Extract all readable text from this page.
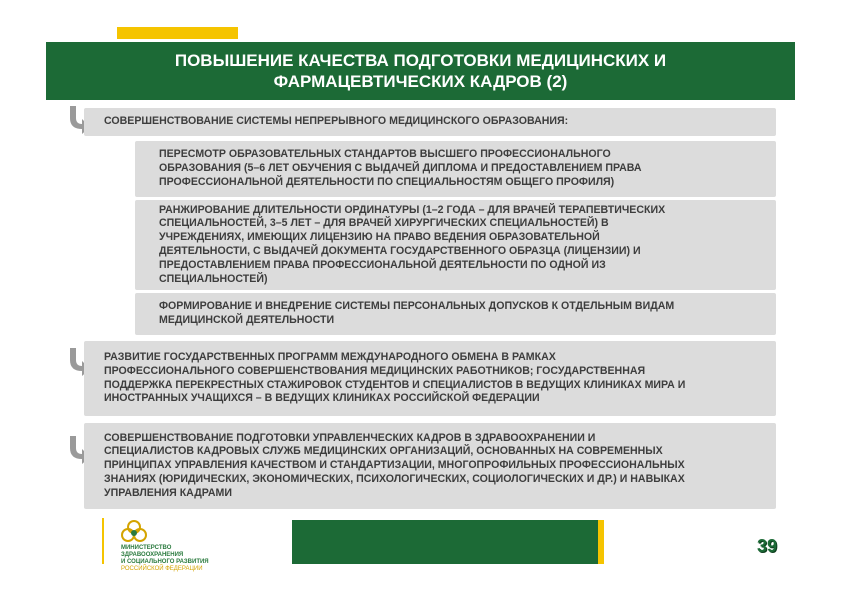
ПОВЫШЕНИЕ КАЧЕСТВА ПОДГОТОВКИ МЕДИЦИНСКИХ И
ФАРМАЦЕВТИЧЕСКИХ КАДРОВ (2)
СОВЕРШЕНСТВОВАНИЕ СИСТЕМЫ НЕПРЕРЫВНОГО МЕДИЦИНСКОГО ОБРАЗОВАНИЯ:
ПЕРЕСМОТР ОБРАЗОВАТЕЛЬНЫХ СТАНДАРТОВ ВЫСШЕГО ПРОФЕССИОНАЛЬНОГО
ОБРАЗОВАНИЯ (5–6 ЛЕТ ОБУЧЕНИЯ С ВЫДАЧЕЙ ДИПЛОМА И ПРЕДОСТАВЛЕНИЕМ ПРАВА
ПРОФЕССИОНАЛЬНОЙ ДЕЯТЕЛЬНОСТИ ПО СПЕЦИАЛЬНОСТЯМ ОБЩЕГО ПРОФИЛЯ)
РАНЖИРОВАНИЕ ДЛИТЕЛЬНОСТИ ОРДИНАТУРЫ (1–2 ГОДА – ДЛЯ ВРАЧЕЙ ТЕРАПЕВТИЧЕСКИХ
СПЕЦИАЛЬНОСТЕЙ, 3–5 ЛЕТ – ДЛЯ ВРАЧЕЙ ХИРУРГИЧЕСКИХ СПЕЦИАЛЬНОСТЕЙ) В
УЧРЕЖДЕНИЯХ, ИМЕЮЩИХ ЛИЦЕНЗИЮ НА ПРАВО ВЕДЕНИЯ ОБРАЗОВАТЕЛЬНОЙ
ДЕЯТЕЛЬНОСТИ, С ВЫДАЧЕЙ ДОКУМЕНТА ГОСУДАРСТВЕННОГО ОБРАЗЦА (ЛИЦЕНЗИИ) И
ПРЕДОСТАВЛЕНИЕМ ПРАВА ПРОФЕССИОНАЛЬНОЙ ДЕЯТЕЛЬНОСТИ ПО ОДНОЙ ИЗ
СПЕЦИАЛЬНОСТЕЙ)
ФОРМИРОВАНИЕ И ВНЕДРЕНИЕ СИСТЕМЫ ПЕРСОНАЛЬНЫХ ДОПУСКОВ К ОТДЕЛЬНЫМ ВИДАМ
МЕДИЦИНСКОЙ ДЕЯТЕЛЬНОСТИ
РАЗВИТИЕ ГОСУДАРСТВЕННЫХ ПРОГРАММ МЕЖДУНАРОДНОГО ОБМЕНА В РАМКАХ
ПРОФЕССИОНАЛЬНОГО СОВЕРШЕНСТВОВАНИЯ МЕДИЦИНСКИХ РАБОТНИКОВ; ГОСУДАРСТВЕННАЯ
ПОДДЕРЖКА ПЕРЕКРЕСТНЫХ СТАЖИРОВОК СТУДЕНТОВ И СПЕЦИАЛИСТОВ В ВЕДУЩИХ КЛИНИКАХ МИРА И
ИНОСТРАННЫХ УЧАЩИХСЯ – В ВЕДУЩИХ КЛИНИКАХ РОССИЙСКОЙ ФЕДЕРАЦИИ
СОВЕРШЕНСТВОВАНИЕ ПОДГОТОВКИ УПРАВЛЕНЧЕСКИХ КАДРОВ В ЗДРАВООХРАНЕНИИ И
СПЕЦИАЛИСТОВ КАДРОВЫХ СЛУЖБ МЕДИЦИНСКИХ ОРГАНИЗАЦИЙ, ОСНОВАННЫХ НА СОВРЕМЕННЫХ
ПРИНЦИПАХ УПРАВЛЕНИЯ КАЧЕСТВОМ И СТАНДАРТИЗАЦИИ, МНОГОПРОФИЛЬНЫХ ПРОФЕССИОНАЛЬНЫХ
ЗНАНИЯХ (ЮРИДИЧЕСКИХ, ЭКОНОМИЧЕСКИХ, ПСИХОЛОГИЧЕСКИХ, СОЦИОЛОГИЧЕСКИХ И ДР.) И НАВЫКАХ
УПРАВЛЕНИЯ КАДРАМИ
МИНИСТЕРСТВО
ЗДРАВООХРАНЕНИЯ
И СОЦИАЛЬНОГО РАЗВИТИЯ
РОССИЙСКОЙ ФЕДЕРАЦИИ
39
